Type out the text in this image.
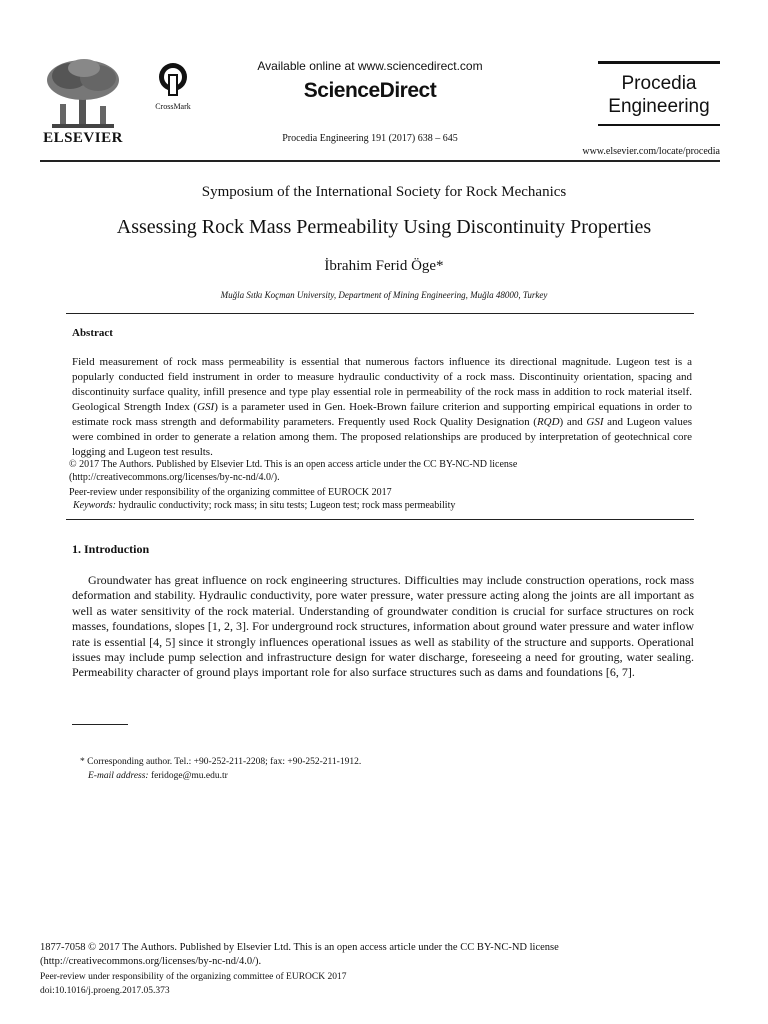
ELSEVIER
CrossMark
Available online at www.sciencedirect.com
ScienceDirect
Procedia Engineering 191 (2017) 638 – 645
Procedia
Engineering
www.elsevier.com/locate/procedia
Symposium of the International Society for Rock Mechanics
Assessing Rock Mass Permeability Using Discontinuity Properties
İbrahim Ferid Öge*
Muğla Sıtkı Koçman University, Department of Mining Engineering, Muğla 48000, Turkey
Abstract
Field measurement of rock mass permeability is essential that numerous factors influence its directional magnitude. Lugeon test is a popularly conducted field instrument in order to measure hydraulic conductivity of a rock mass. Discontinuity orientation, spacing and discontinuity surface quality, infill presence and type play essential role in permeability of the rock mass in addition to rock material itself. Geological Strength Index (GSI) is a parameter used in Gen. Hoek-Brown failure criterion and supporting empirical equations in order to estimate rock mass strength and deformability parameters. Frequently used Rock Quality Designation (RQD) and GSI and Lugeon values were combined in order to generate a relation among them. The proposed relationships are produced by interpretation of geotechnical core logging and Lugeon test results.
© 2017 The Authors. Published by Elsevier Ltd. This is an open access article under the CC BY-NC-ND license
(http://creativecommons.org/licenses/by-nc-nd/4.0/).
Peer-review under responsibility of the organizing committee of EUROCK 2017
Keywords: hydraulic conductivity; rock mass; in situ tests; Lugeon test; rock mass permeability
1. Introduction
Groundwater has great influence on rock engineering structures. Difficulties may include construction operations, rock mass deformation and stability. Hydraulic conductivity, pore water pressure, water pressure acting along the joints are all important as well as water sensitivity of the rock material. Understanding of groundwater condition is crucial for surface structures on rock masses, foundations, slopes [1, 2, 3]. For underground rock structures, information about ground water pressure and water inflow rate is essential [4, 5] since it strongly influences operational issues as well as stability of the structure and supports. Operational issues may include pump selection and infrastructure design for water discharge, foreseeing a need for grouting, water sealing. Permeability character of ground plays important role for also surface structures such as dams and foundations [6, 7].
* Corresponding author. Tel.: +90-252-211-2208; fax: +90-252-211-1912.
E-mail address: feridoge@mu.edu.tr
1877-7058 © 2017 The Authors. Published by Elsevier Ltd. This is an open access article under the CC BY-NC-ND license
(http://creativecommons.org/licenses/by-nc-nd/4.0/).
Peer-review under responsibility of the organizing committee of EUROCK 2017
doi:10.1016/j.proeng.2017.05.373
